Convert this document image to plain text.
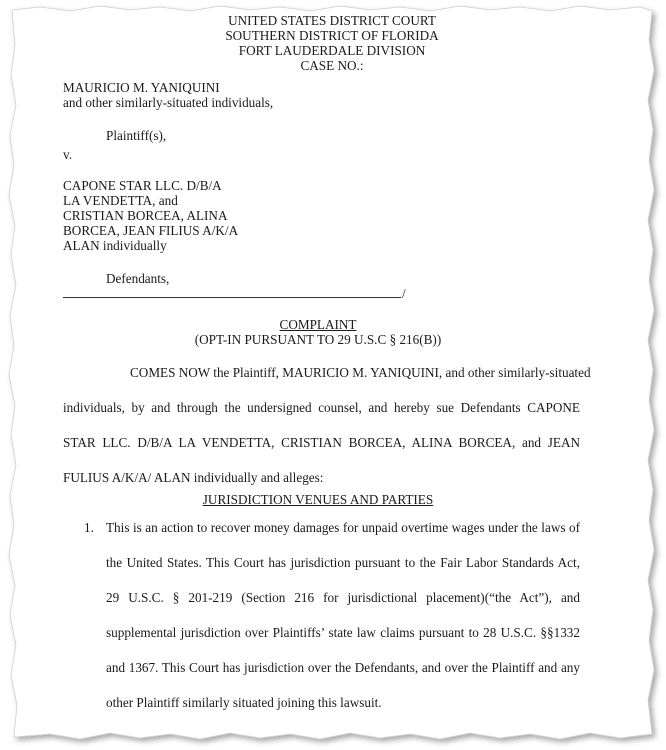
UNITED STATES DISTRICT COURT
SOUTHERN DISTRICT OF FLORIDA
FORT LAUDERDALE DIVISION
CASE NO.:
MAURICIO M. YANIQUINI
and other similarly-situated individuals,
Plaintiff(s),
v.
CAPONE STAR LLC. D/B/A
LA VENDETTA, and
CRISTIAN BORCEA, ALINA
BORCEA, JEAN FILIUS A/K/A
ALAN individually
Defendants,
/
COMPLAINT
(OPT-IN PURSUANT TO 29 U.S.C § 216(B))
COMES NOW the Plaintiff, MAURICIO M. YANIQUINI, and other similarly-situated
individuals, by and through the undersigned counsel, and hereby sue Defendants CAPONE
STAR LLC. D/B/A LA VENDETTA, CRISTIAN BORCEA, ALINA BORCEA, and JEAN
FULIUS A/K/A/ ALAN individually and alleges:
JURISDICTION VENUES AND PARTIES
1. This is an action to recover money damages for unpaid overtime wages under the laws of
the United States. This Court has jurisdiction pursuant to the Fair Labor Standards Act,
29 U.S.C. § 201-219 (Section 216 for jurisdictional placement)(“the Act”), and
supplemental jurisdiction over Plaintiffs’ state law claims pursuant to 28 U.S.C. §§1332
and 1367. This Court has jurisdiction over the Defendants, and over the Plaintiff and any
other Plaintiff similarly situated joining this lawsuit.
